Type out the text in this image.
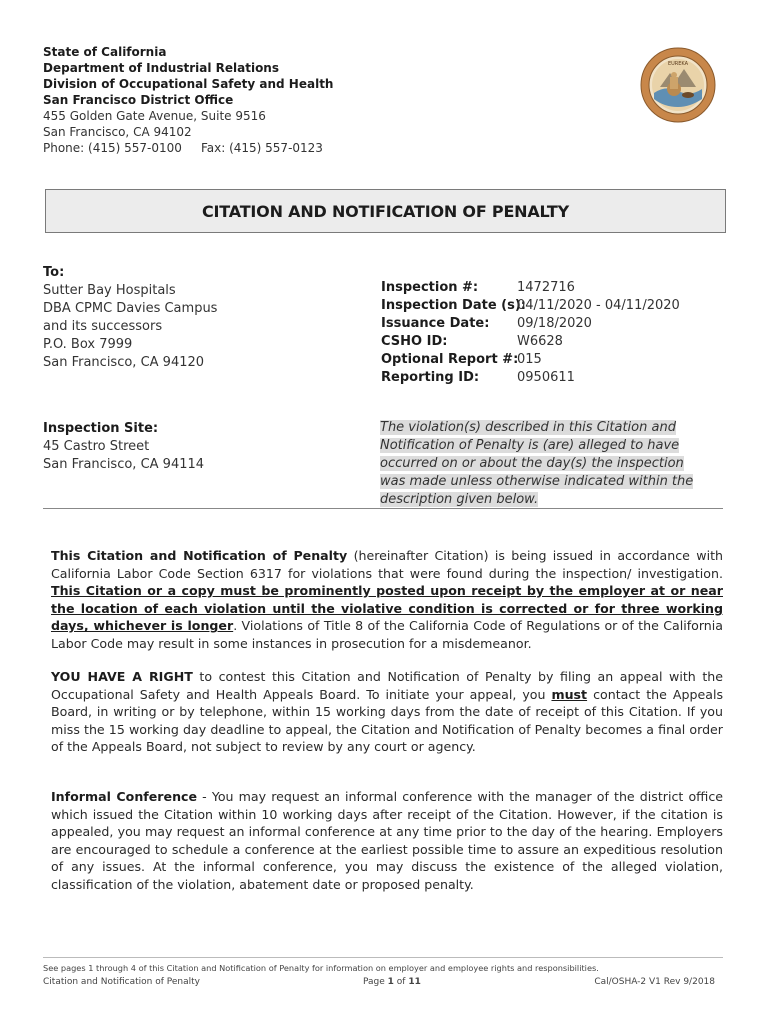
State of California
Department of Industrial Relations
Division of Occupational Safety and Health
San Francisco District Office
455 Golden Gate Avenue, Suite 9516
San Francisco, CA 94102
Phone: (415) 557-0100 Fax: (415) 557-0123
EUREKA
CITATION AND NOTIFICATION OF PENALTY
To:
Sutter Bay Hospitals
DBA CPMC Davies Campus
and its successors
P.O. Box 7999
San Francisco, CA 94120
Inspection #:	1472716
Inspection Date (s):
04/11/2020 - 04/11/2020
Issuance Date:	09/18/2020
CSHO ID:	W6628
Optional Report #:
015
Reporting ID:	0950611
Inspection Site:
45 Castro Street
San Francisco, CA 94114
The violation(s) described in this Citation and Notification of Penalty is (are) alleged to have occurred on or about the day(s) the inspection was made unless otherwise indicated within the description given below.
This Citation and Notification of Penalty (hereinafter Citation) is being issued in accordance with California Labor Code Section 6317 for violations that were found during the inspection/ investigation. This Citation or a copy must be prominently posted upon receipt by the employer at or near the location of each violation until the violative condition is corrected or for three working days, whichever is longer. Violations of Title 8 of the California Code of Regulations or of the California Labor Code may result in some instances in prosecution for a misdemeanor.
YOU HAVE A RIGHT to contest this Citation and Notification of Penalty by filing an appeal with the Occupational Safety and Health Appeals Board. To initiate your appeal, you must contact the Appeals Board, in writing or by telephone, within 15 working days from the date of receipt of this Citation. If you miss the 15 working day deadline to appeal, the Citation and Notification of Penalty becomes a final order of the Appeals Board, not subject to review by any court or agency.
Informal Conference - You may request an informal conference with the manager of the district office which issued the Citation within 10 working days after receipt of the Citation. However, if the citation is appealed, you may request an informal conference at any time prior to the day of the hearing. Employers are encouraged to schedule a conference at the earliest possible time to assure an expeditious resolution of any issues. At the informal conference, you may discuss the existence of the alleged violation, classification of the violation, abatement date or proposed penalty.
See pages 1 through 4 of this Citation and Notification of Penalty for information on employer and employee rights and responsibilities.
Citation and Notification of Penalty	Page 1 of 11	Cal/OSHA-2 V1 Rev 9/2018
